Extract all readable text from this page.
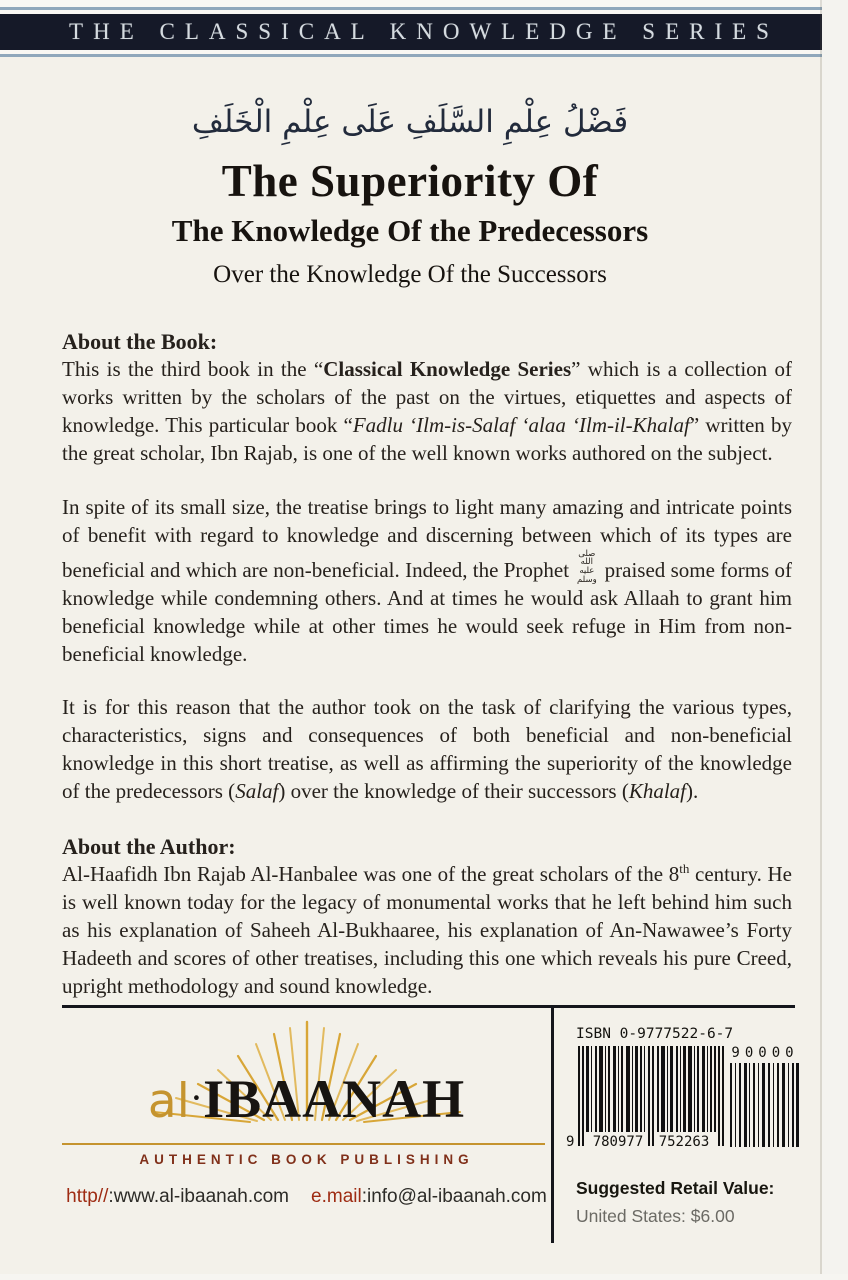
THE CLASSICAL KNOWLEDGE SERIES
فَضْلُ عِلْمِ السَّلَفِ عَلَى عِلْمِ الْخَلَفِ
The Superiority Of
The Knowledge Of the Predecessors
Over the Knowledge Of the Successors
About the Book:

This is the third book in the “Classical Knowledge Series” which is a collection of works written by the scholars of the past on the virtues, etiquettes and aspects of knowledge. This particular book “Fadlu ‘Ilm-is-Salaf ‘alaa ‘Ilm-il-Khalaf” written by the great scholar, Ibn Rajab, is one of the well known works authored on the subject.

In spite of its small size, the treatise brings to light many amazing and intricate points of benefit with regard to knowledge and discerning between which of its types are beneficial and which are non-beneficial. Indeed, the Prophet صلى الله عليه وسلم praised some forms of knowledge while condemning others. And at times he would ask Allaah to grant him beneficial knowledge while at other times he would seek refuge in Him from non-beneficial knowledge.

It is for this reason that the author took on the task of clarifying the various types, characteristics, signs and consequences of both beneficial and non-beneficial knowledge in this short treatise, as well as affirming the superiority of the knowledge of the predecessors (Salaf) over the knowledge of their successors (Khalaf).

About the Author:

Al-Haafidh Ibn Rajab Al-Hanbalee was one of the great scholars of the 8th century. He is well known today for the legacy of monumental works that he left behind him such as his explanation of Saheeh Al-Bukhaaree, his explanation of An-Nawawee’s Forty Hadeeth and scores of other treatises, including this one which reveals his pure Creed, upright methodology and sound knowledge.

al·IBAANAH
AUTHENTIC BOOK PUBLISHING
http//:www.al-ibaanah.com e.mail:info@al-ibaanah.com
ISBN 0-9777522-6-7
9 780977 752263
90000
Suggested Retail Value:
United States: $6.00
